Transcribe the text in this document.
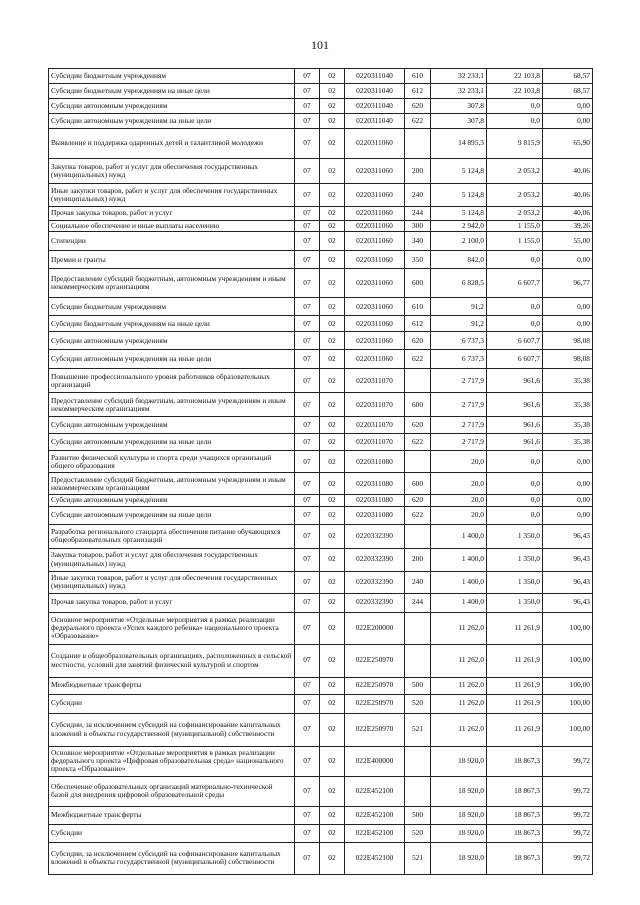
101
Субсидии бюджетным учреждениям	07	02	0220311040	610	32 233,1	22 103,8	68,57
Субсидии бюджетным учреждениям на иные цели	07	02	0220311040	612	32 233,1	22 103,8	68,57
Субсидии автономным учреждениям	07	02	0220311040	620	307,8	0,0	0,00
Субсидии автономным учреждениям на иные цели	07	02	0220311040	622	307,8	0,0	0,00
Выявление и поддержка одаренных детей и талантливой молодежи	07	02	0220311060		14 895,3	9 815,9	65,90
Закупка товаров, работ и услуг для обеспечения государственных (муниципальных) нужд	07	02	0220311060	200	5 124,8	2 053,2	40,06
Иные закупки товаров, работ и услуг для обеспечения государственных (муниципальных) нужд	07	02	0220311060	240	5 124,8	2 053,2	40,06
Прочая закупка товаров, работ и услуг	07	02	0220311060	244	5 124,8	2 053,2	40,06
Социальное обеспечение и иные выплаты населению	07	02	0220311060	300	2 942,0	1 155,0	39,26
Стипендии	07	02	0220311060	340	2 100,0	1 155,0	55,00
Премии и гранты	07	02	0220311060	350	842,0	0,0	0,00
Предоставление субсидий бюджетным, автономным учреждениям и иным некоммерческим организациям	07	02	0220311060	600	6 828,5	6 607,7	96,77
Субсидии бюджетным учреждениям	07	02	0220311060	610	91,2	0,0	0,00
Субсидии бюджетным учреждениям на иные цели	07	02	0220311060	612	91,2	0,0	0,00
Субсидии автономным учреждениям	07	02	0220311060	620	6 737,3	6 607,7	98,08
Субсидии автономным учреждениям на иные цели	07	02	0220311060	622	6 737,3	6 607,7	98,08
Повышение профессионального уровня работников образовательных организаций	07	02	0220311070		2 717,9	961,6	35,38
Предоставление субсидий бюджетным, автономным учреждениям и иным некоммерческим организациям	07	02	0220311070	600	2 717,9	961,6	35,38
Субсидии автономным учреждениям	07	02	0220311070	620	2 717,9	961,6	35,38
Субсидии автономным учреждениям на иные цели	07	02	0220311070	622	2 717,9	961,6	35,38
Развитие физической культуры и спорта среди учащихся организаций общего образования	07	02	0220311080		20,0	0,0	0,00
Предоставление субсидий бюджетным, автономным учреждениям и иным некоммерческим организациям	07	02	0220311080	600	20,0	0,0	0,00
Субсидии автономным учреждениям	07	02	0220311080	620	20,0	0,0	0,00
Субсидии автономным учреждениям на иные цели	07	02	0220311080	622	20,0	0,0	0,00
Разработка регионального стандарта обеспечения питание обучающихся общеобразовательных организаций	07	02	0220332390		1 400,0	1 350,0	96,43
Закупка товаров, работ и услуг для обеспечения государственных (муниципальных) нужд	07	02	0220332390	200	1 400,0	1 350,0	96,43
Иные закупки товаров, работ и услуг для обеспечения государственных (муниципальных) нужд	07	02	0220332390	240	1 400,0	1 350,0	96,43
Прочая закупка товаров, работ и услуг	07	02	0220332390	244	1 400,0	1 350,0	96,43
Основное мероприятие «Отдельные мероприятия в рамках реализации федерального проекта «Успех каждого ребенка» национального проекта «Образование»	07	02	022E200000		11 262,0	11 261,9	100,00
Создание в общеобразовательных организациях, расположенных в сельской местности, условий для занятий физической культурой и спортом	07	02	022E250970		11 262,0	11 261,9	100,00
Межбюджетные трансферты	07	02	022E250970	500	11 262,0	11 261,9	100,00
Субсидии	07	02	022E250970	520	11 262,0	11 261,9	100,00
Субсидии, за исключением субсидий на софинансирование капитальных вложений в объекты государственной (муниципальной) собственности	07	02	022E250970	521	11 262,0	11 261,9	100,00
Основное мероприятие «Отдельные мероприятия в рамках реализации федерального проекта «Цифровая образовательная среда» национального проекта «Образование»	07	02	022E400000		18 920,0	18 867,3	99,72
Обеспечение образовательных организаций материально-технической базой для внедрения цифровой образовательной среды	07	02	022E452100		18 920,0	18 867,3	99,72
Межбюджетные трансферты	07	02	022E452100	500	18 920,0	18 867,3	99,72
Субсидии	07	02	022E452100	520	18 920,0	18 867,3	99,72
Субсидии, за исключением субсидий на софинансирование капитальных вложений в объекты государственной (муниципальной) собственности	07	02	022E452100	521	18 920,0	18 867,3	99,72
